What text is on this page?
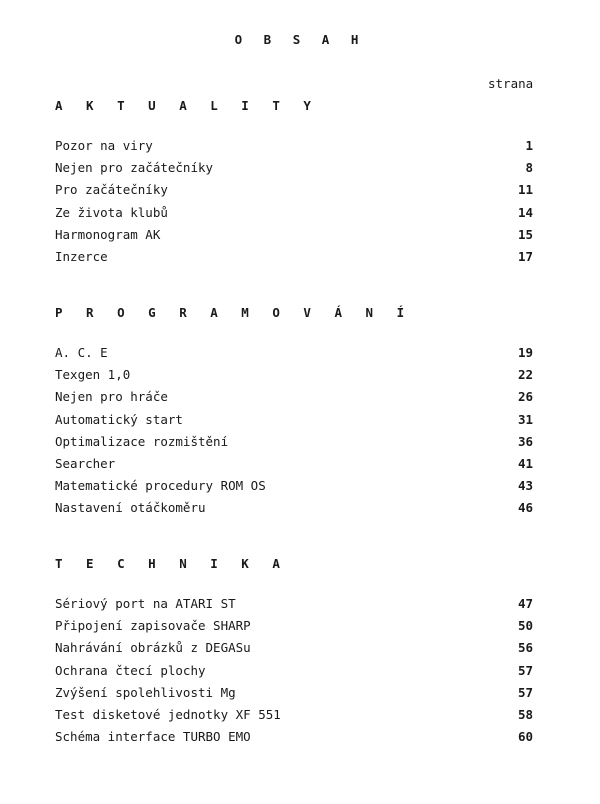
O B S A H
strana
A K T U A L I T Y
Pozor na viry	1
Nejen pro začátečníky	8
Pro začátečníky	11
Ze života klubů	14
Harmonogram AK	15
Inzerce	17
P R O G R A M O V Á N Í
A. C. E	19
Texgen 1,0	22
Nejen pro hráče	26
Automatický start	31
Optimalizace rozmištění	36
Searcher	41
Matematické procedury ROM OS	43
Nastavení otáčkoměru	46
T E C H N I K A
Sériový port na ATARI ST	47
Připojení zapisovače SHARP	50
Nahrávání obrázků z DEGASu	56
Ochrana čtecí plochy	57
Zvýšení spolehlivosti Mg	57
Test disketové jednotky XF 551	58
Schéma interface TURBO EMO	60
